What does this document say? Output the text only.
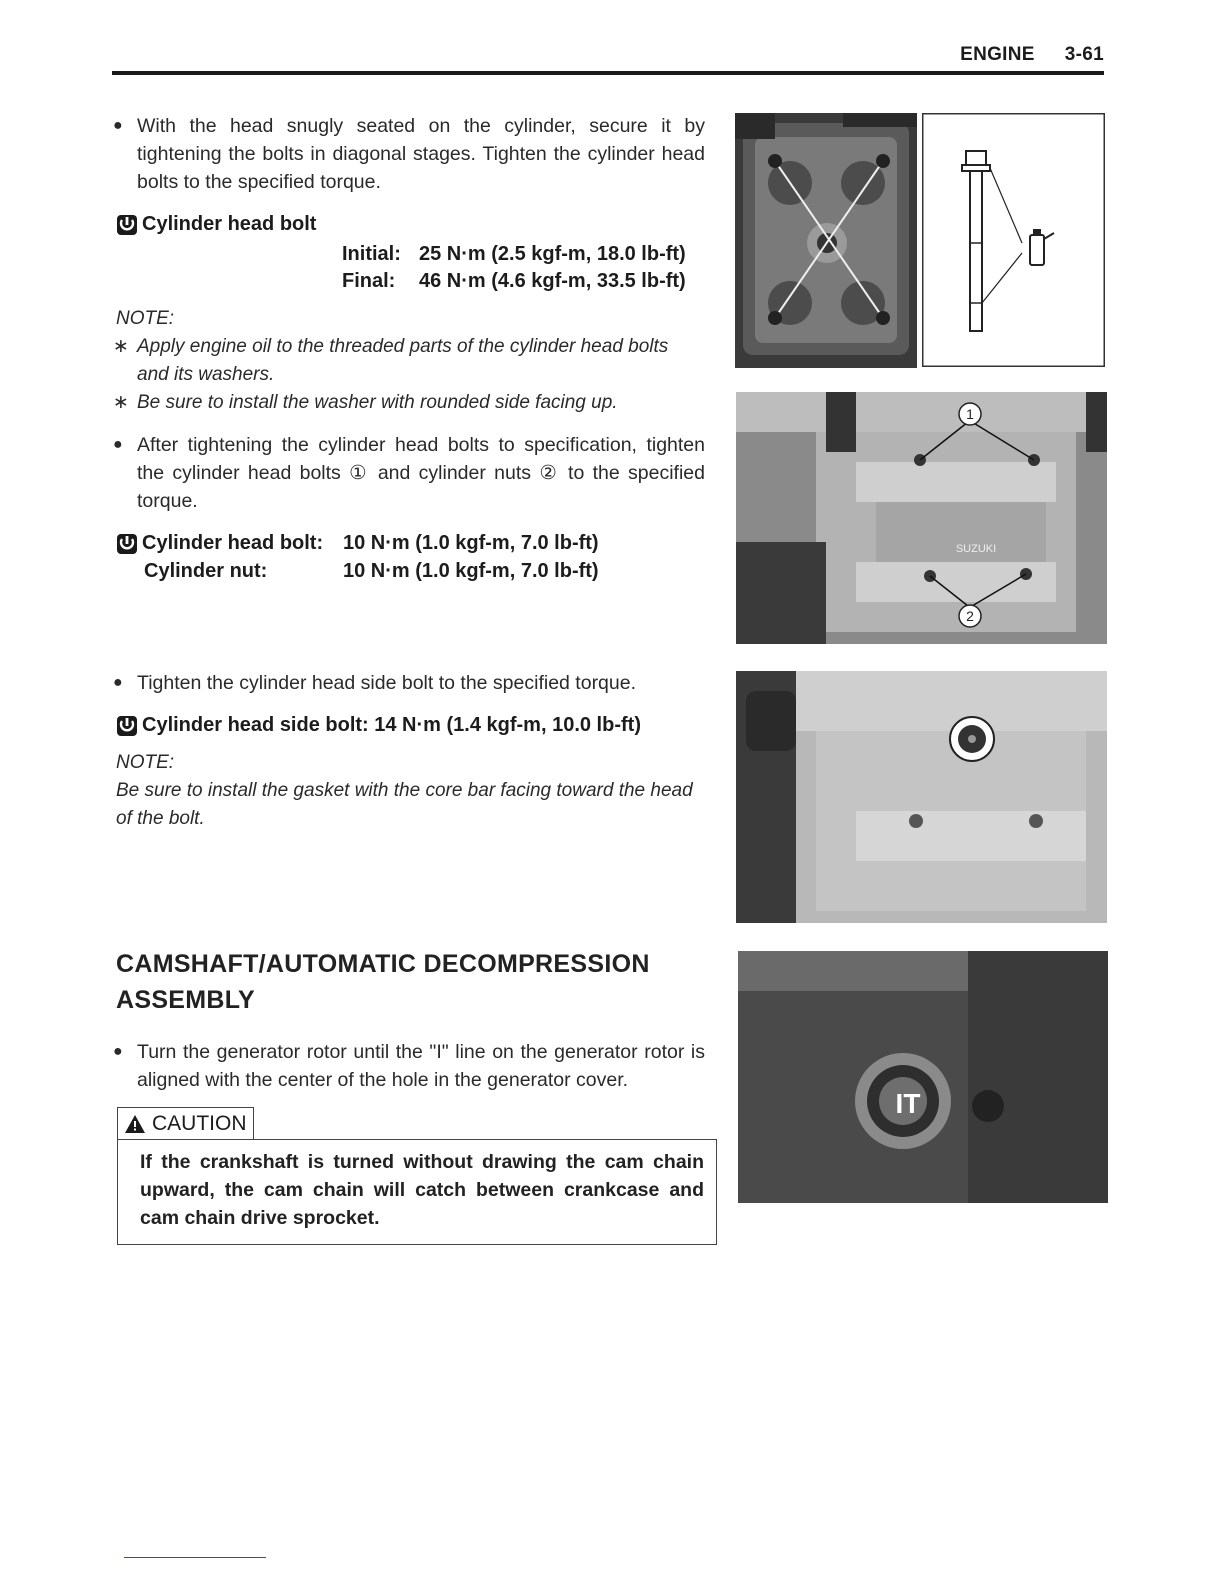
ENGINE 3-61
● With the head snugly seated on the cylinder, secure it by tightening the bolts in diagonal stages. Tighten the cylinder head bolts to the specified torque.
Cylinder head bolt
Initial: 25 N·m (2.5 kgf-m, 18.0 lb-ft)
Final: 46 N·m (4.6 kgf-m, 33.5 lb-ft)
NOTE:
∗ Apply engine oil to the threaded parts of the cylinder head bolts and its washers.
∗ Be sure to install the washer with rounded side facing up.
● After tightening the cylinder head bolts to specification, tighten the cylinder head bolts ① and cylinder nuts ② to the specified torque.
Cylinder head bolt: 10 N·m (1.0 kgf-m, 7.0 lb-ft)
Cylinder nut:	10 N·m (1.0 kgf-m, 7.0 lb-ft)
● Tighten the cylinder head side bolt to the specified torque.
Cylinder head side bolt: 14 N·m (1.4 kgf-m, 10.0 lb-ft)
NOTE:
Be sure to install the gasket with the core bar facing toward the head of the bolt.
CAMSHAFT/AUTOMATIC DECOMPRESSION ASSEMBLY
● Turn the generator rotor until the "I" line on the generator rotor is aligned with the center of the hole in the generator cover.
CAUTION
If the crankshaft is turned without drawing the cam chain upward, the cam chain will catch between crankcase and cam chain drive sprocket.
1
2
SUZUKI
IT
